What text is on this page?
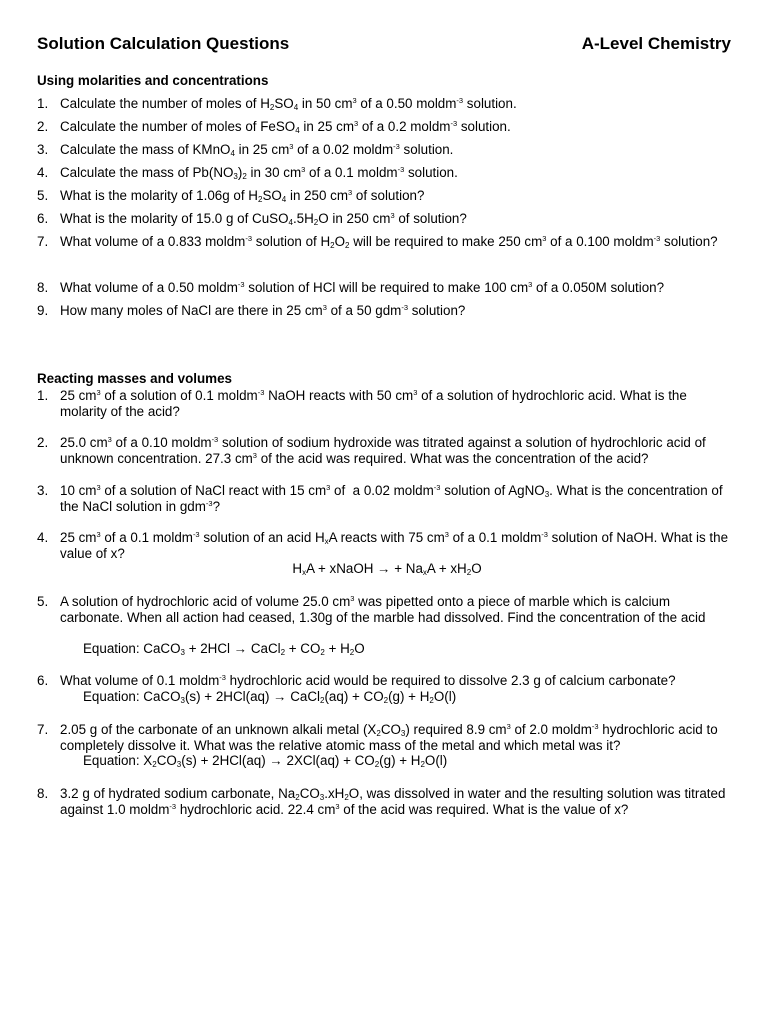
Solution Calculation Questions	A-Level Chemistry
Using molarities and concentrations
1. Calculate the number of moles of $H_2SO_4$ in 50 $cm^3$ of a 0.50 moldm$^{-3}$ solution.
2. Calculate the number of moles of FeSO$_4$ in 25 $cm^3$ of a 0.2 moldm$^{-3}$ solution.
3. Calculate the mass of KMnO$_4$ in 25 $cm^3$ of a 0.02 moldm$^{-3}$ solution.
4. Calculate the mass of $Pb(NO_3)_2$ in 30 $cm^3$ of a 0.1 moldm$^{-3}$ solution.
5. What is the molarity of 1.06g of $H_2SO_4$ in 250 $cm^3$ of solution?
6. What is the molarity of 15.0 g of $CuSO_4.5H_2O$ in 250 $cm^3$ of solution?
7. What volume of a 0.833 moldm$^{-3}$ solution of $H_2O_2$ will be required to make 250 $cm^3$ of a 0.100 moldm$^{-3}$ solution?
8. What volume of a 0.50 moldm$^{-3}$ solution of HCl will be required to make 100 $cm^3$ of a 0.050M solution?
9. How many moles of NaCl are there in 25 $cm^3$ of a 50 gdm$^{-3}$ solution?
Reacting masses and volumes
1. 25 $cm^3$ of a solution of 0.1 moldm$^{-3}$ NaOH reacts with 50 $cm^3$ of a solution of hydrochloric acid. What is the molarity of the acid?
2. 25.0 $cm^3$ of a 0.10 moldm$^{-3}$ solution of sodium hydroxide was titrated against a solution of hydrochloric acid of unknown concentration. 27.3 $cm^3$ of the acid was required. What was the concentration of the acid?
3. 10 $cm^3$ of a solution of NaCl react with 15 $cm^3$ of  a 0.02 moldm$^{-3}$ solution of AgNO$_3$. What is the concentration of the NaCl solution in gdm$^{-3}$?
4. 25 $cm^3$ of a 0.1 moldm$^{-3}$ solution of an acid $H_xA$ reacts with 75 $cm^3$ of a 0.1 moldm$^{-3}$ solution of NaOH. What is the value of x?
$H_xA$ + xNaOH → + $Na_xA + xH_2O$
5. A solution of hydrochloric acid of volume 25.0 $cm^3$ was pipetted onto a piece of marble which is calcium carbonate. When all action had ceased, 1.30g of the marble had dissolved. Find the concentration of the acid
Equation: CaCO$_3$ + 2HCl → CaCl$_2$ + $CO_2 + H_2O$
6. What volume of 0.1 moldm$^{-3}$ hydrochloric acid would be required to dissolve 2.3 g of calcium carbonate?
Equation: CaCO$_3$(s) + 2HCl(aq) → CaCl$_2$(aq) + $CO_2(g) + H_2O(l)$
7. 2.05 g of the carbonate of an unknown alkali metal $(X_2CO_3)$ required 8.9 $cm^3$ of 2.0 moldm$^{-3}$ hydrochloric acid to completely dissolve it. What was the relative atomic mass of the metal and which metal was it?
Equation: $X_2CO_3(s) + 2HCl(aq) \to 2XCl(aq) + CO_2(g) + H_2O(l)$
8. 3.2 g of hydrated sodium carbonate, $Na_2CO_3.xH_2O$, was dissolved in water and the resulting solution was titrated against 1.0 moldm$^{-3}$ hydrochloric acid. 22.4 $cm^3$ of the acid was required. What is the value of x?
